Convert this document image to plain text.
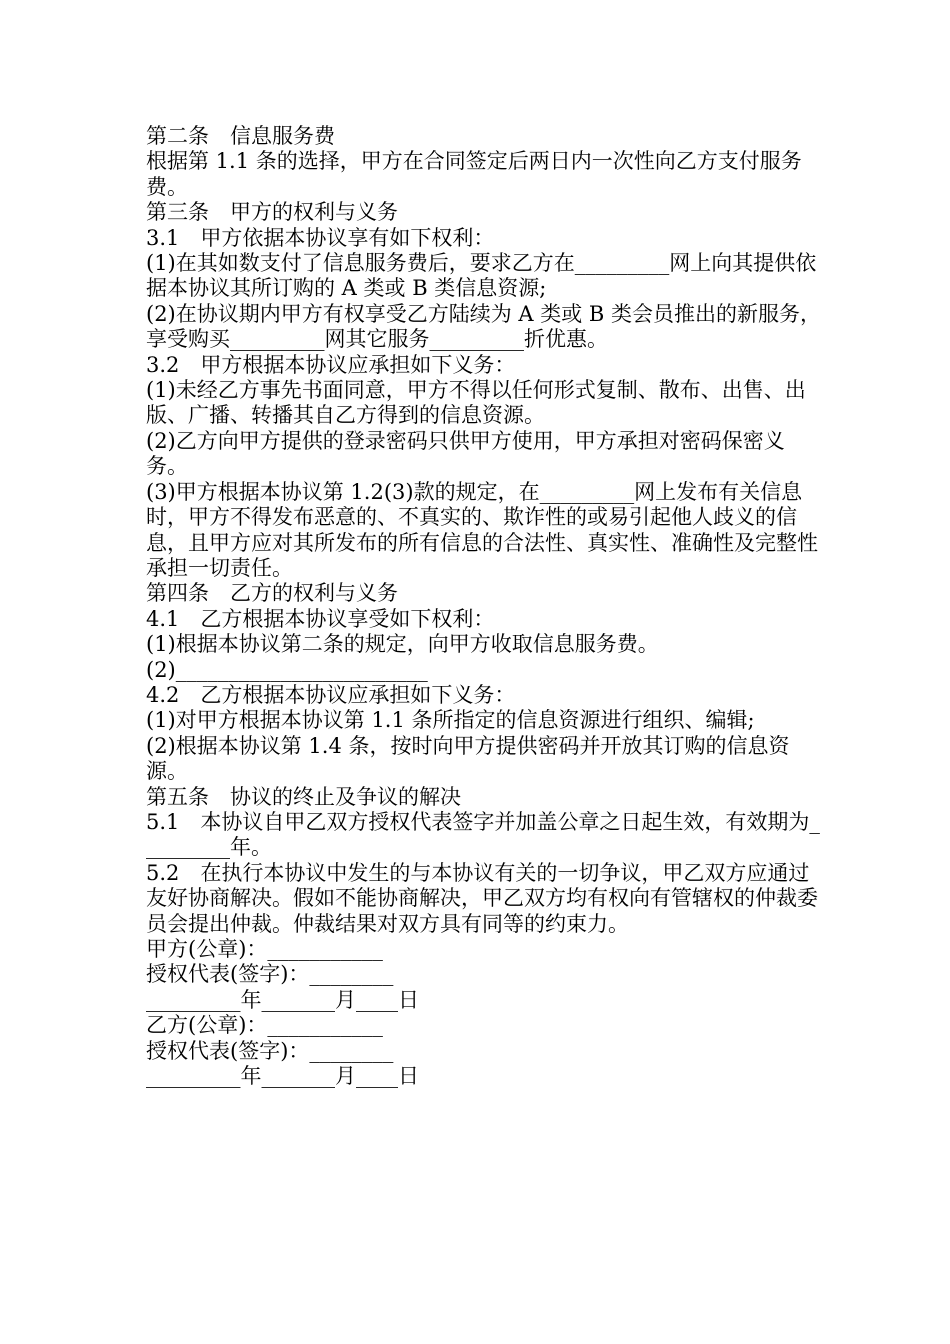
第二条　信息服务费

根据第 1.1 条的选择，甲方在合同签定后两日内一次性向乙方支付服务费。

第三条　甲方的权利与义务

3.1　甲方依据本协议享有如下权利：

(1)在其如数支付了信息服务费后，要求乙方在_________网上向其提供依据本协议其所订购的 A 类或 B 类信息资源;

(2)在协议期内甲方有权享受乙方陆续为 A 类或 B 类会员推出的新服务，享受购买_________网其它服务_________折优惠。

3.2　甲方根据本协议应承担如下义务：

(1)未经乙方事先书面同意，甲方不得以任何形式复制、散布、出售、出版、广播、转播其自乙方得到的信息资源。

(2)乙方向甲方提供的登录密码只供甲方使用，甲方承担对密码保密义务。

(3)甲方根据本协议第 1.2(3)款的规定，在_________网上发布有关信息时，甲方不得发布恶意的、不真实的、欺诈性的或易引起他人歧义的信息，且甲方应对其所发布的所有信息的合法性、真实性、准确性及完整性承担一切责任。

第四条　乙方的权利与义务

4.1　乙方根据本协议享受如下权利：

(1)根据本协议第二条的规定，向甲方收取信息服务费。

(2)________________________

4.2　乙方根据本协议应承担如下义务：

(1)对甲方根据本协议第 1.1 条所指定的信息资源进行组织、编辑;

(2)根据本协议第 1.4 条，按时向甲方提供密码并开放其订购的信息资源。

第五条　协议的终止及争议的解决

5.1　本协议自甲乙双方授权代表签字并加盖公章之日起生效，有效期为_________年。

5.2　在执行本协议中发生的与本协议有关的一切争议，甲乙双方应通过友好协商解决。假如不能协商解决，甲乙双方均有权向有管辖权的仲裁委员会提出仲裁。仲裁结果对双方具有同等的约束力。

甲方(公章)：___________

授权代表(签字)：________

_________年_______月____日

乙方(公章)：___________

授权代表(签字)：________

_________年_______月____日
